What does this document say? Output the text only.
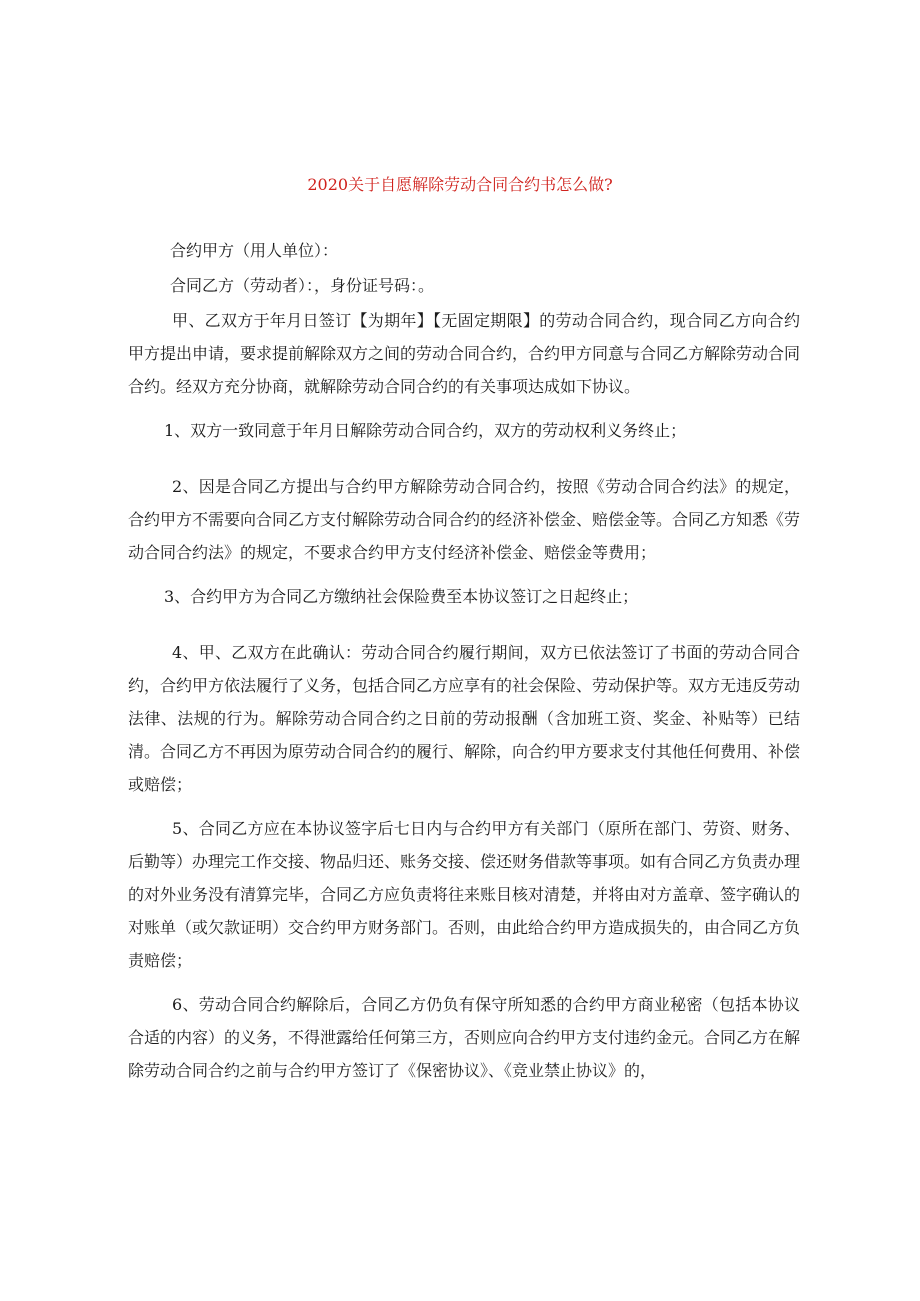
2020关于自愿解除劳动合同合约书怎么做?
合约甲方（用人单位）：
合同乙方（劳动者）：，身份证号码：。

甲、乙双方于年月日签订【为期年】【无固定期限】的劳动合同合约，现合同乙方向合约甲方提出申请，要求提前解除双方之间的劳动合同合约，合约甲方同意与合同乙方解除劳动合同合约。经双方充分协商，就解除劳动合同合约的有关事项达成如下协议。

1、双方一致同意于年月日解除劳动合同合约，双方的劳动权利义务终止；

2、因是合同乙方提出与合约甲方解除劳动合同合约，按照《劳动合同合约法》的规定，合约甲方不需要向合同乙方支付解除劳动合同合约的经济补偿金、赔偿金等。合同乙方知悉《劳动合同合约法》的规定，不要求合约甲方支付经济补偿金、赔偿金等费用；

3、合约甲方为合同乙方缴纳社会保险费至本协议签订之日起终止；

4、甲、乙双方在此确认：劳动合同合约履行期间，双方已依法签订了书面的劳动合同合约，合约甲方依法履行了义务，包括合同乙方应享有的社会保险、劳动保护等。双方无违反劳动法律、法规的行为。解除劳动合同合约之日前的劳动报酬（含加班工资、奖金、补贴等）已结清。合同乙方不再因为原劳动合同合约的履行、解除，向合约甲方要求支付其他任何费用、补偿或赔偿；

5、合同乙方应在本协议签字后七日内与合约甲方有关部门（原所在部门、劳资、财务、后勤等）办理完工作交接、物品归还、账务交接、偿还财务借款等事项。如有合同乙方负责办理的对外业务没有清算完毕，合同乙方应负责将往来账目核对清楚，并将由对方盖章、签字确认的对账单（或欠款证明）交合约甲方财务部门。否则，由此给合约甲方造成损失的，由合同乙方负责赔偿；

6、劳动合同合约解除后，合同乙方仍负有保守所知悉的合约甲方商业秘密（包括本协议合适的内容）的义务，不得泄露给任何第三方，否则应向合约甲方支付违约金元。合同乙方在解除劳动合同合约之前与合约甲方签订了《保密协议》、《竞业禁止协议》的，
